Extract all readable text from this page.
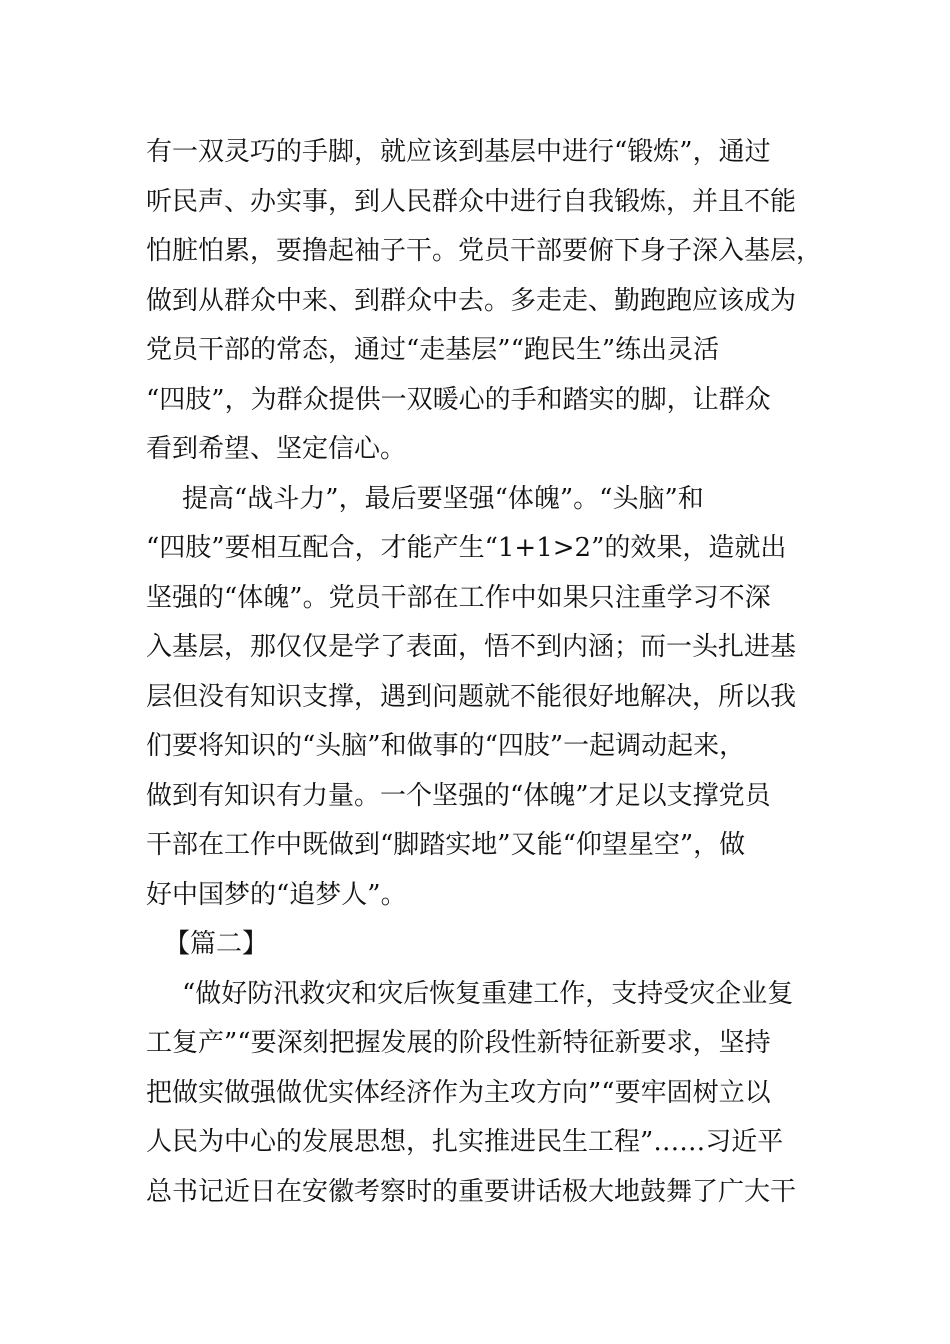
有一双灵巧的手脚，就应该到基层中进行“锻炼”，通过
听民声、办实事，到人民群众中进行自我锻炼，并且不能
怕脏怕累，要撸起袖子干。党员干部要俯下身子深入基层，
做到从群众中来、到群众中去。多走走、勤跑跑应该成为
党员干部的常态，通过“走基层”“跑民生”练出灵活
“四肢”，为群众提供一双暖心的手和踏实的脚，让群众
看到希望、坚定信心。
提高“战斗力”，最后要坚强“体魄”。“头脑”和
“四肢”要相互配合，才能产生“1+1>2”的效果，造就出
坚强的“体魄”。党员干部在工作中如果只注重学习不深
入基层，那仅仅是学了表面，悟不到内涵；而一头扎进基
层但没有知识支撑，遇到问题就不能很好地解决，所以我
们要将知识的“头脑”和做事的“四肢”一起调动起来，
做到有知识有力量。一个坚强的“体魄”才足以支撑党员
干部在工作中既做到“脚踏实地”又能“仰望星空”，做
好中国梦的“追梦人”。
【篇二】
“做好防汛救灾和灾后恢复重建工作，支持受灾企业复
工复产”“要深刻把握发展的阶段性新特征新要求，坚持
把做实做强做优实体经济作为主攻方向”“要牢固树立以
人民为中心的发展思想，扎实推进民生工程”……习近平
总书记近日在安徽考察时的重要讲话极大地鼓舞了广大干
